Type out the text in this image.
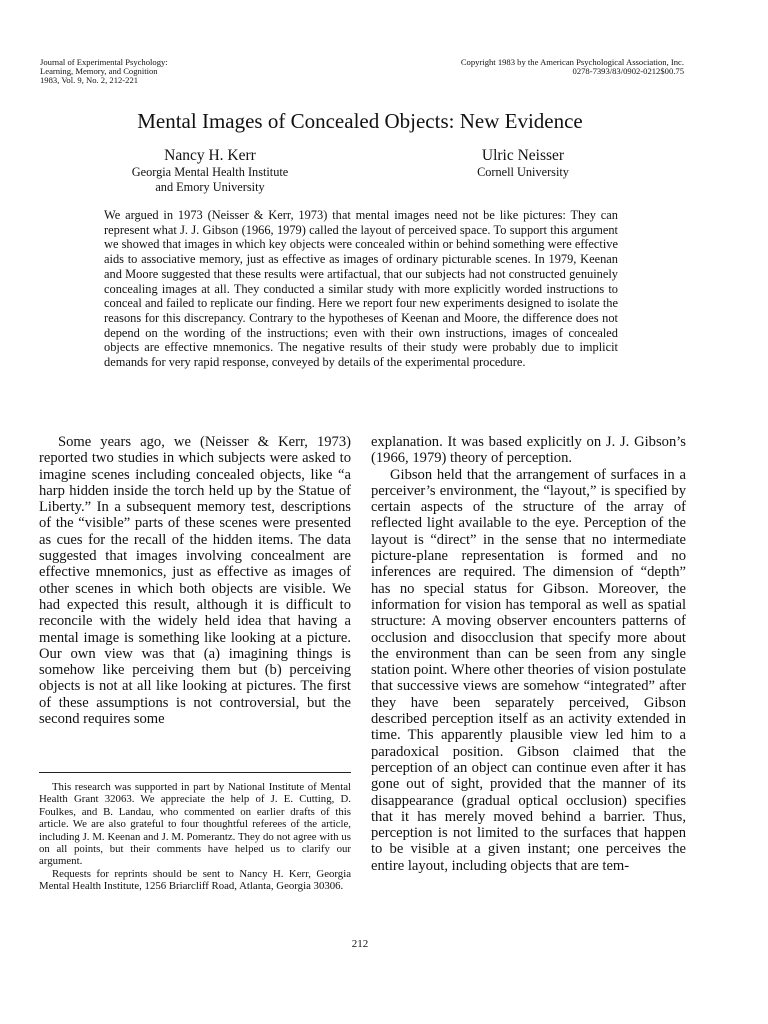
Journal of Experimental Psychology:
Learning, Memory, and Cognition
1983, Vol. 9, No. 2, 212-221
Copyright 1983 by the American Psychological Association, Inc.
0278-7393/83/0902-0212$00.75
Mental Images of Concealed Objects: New Evidence
Nancy H. Kerr
Georgia Mental Health Institute
and Emory University
Ulric Neisser
Cornell University
We argued in 1973 (Neisser & Kerr, 1973) that mental images need not be like pictures: They can represent what J. J. Gibson (1966, 1979) called the layout of perceived space. To support this argument we showed that images in which key objects were concealed within or behind something were effective aids to associative memory, just as effective as images of ordinary picturable scenes. In 1979, Keenan and Moore suggested that these results were artifactual, that our subjects had not constructed genuinely concealing images at all. They conducted a similar study with more explicitly worded instructions to conceal and failed to replicate our finding. Here we report four new experiments designed to isolate the reasons for this discrepancy. Contrary to the hypotheses of Keenan and Moore, the difference does not depend on the wording of the instructions; even with their own instructions, images of concealed objects are effective mnemonics. The negative results of their study were probably due to implicit demands for very rapid response, conveyed by details of the experimental procedure.

Some years ago, we (Neisser & Kerr, 1973) reported two studies in which subjects were asked to imagine scenes including concealed objects, like “a harp hidden inside the torch held up by the Statue of Liberty.” In a subsequent memory test, descriptions of the “visible” parts of these scenes were presented as cues for the recall of the hidden items. The data suggested that images involving concealment are effective mnemonics, just as effective as images of other scenes in which both objects are visible. We had expected this result, although it is difficult to reconcile with the widely held idea that having a mental image is something like looking at a picture. Our own view was that (a) imagining things is somehow like perceiving them but (b) perceiving objects is not at all like looking at pictures. The first of these assumptions is not controversial, but the second requires some

explanation. It was based explicitly on J. J. Gibson’s (1966, 1979) theory of perception.

Gibson held that the arrangement of surfaces in a perceiver’s environment, the “layout,” is specified by certain aspects of the structure of the array of reflected light available to the eye. Perception of the layout is “direct” in the sense that no intermediate picture-plane representation is formed and no inferences are required. The dimension of “depth” has no special status for Gibson. Moreover, the information for vision has temporal as well as spatial structure: A moving observer encounters patterns of occlusion and disocclusion that specify more about the environment than can be seen from any single station point. Where other theories of vision postulate that successive views are somehow “integrated” after they have been separately perceived, Gibson described perception itself as an activity extended in time. This apparently plausible view led him to a paradoxical position. Gibson claimed that the perception of an object can continue even after it has gone out of sight, provided that the manner of its disappearance (gradual optical occlusion) specifies that it has merely moved behind a barrier. Thus, perception is not limited to the surfaces that happen to be visible at a given instant; one perceives the entire layout, including objects that are tem-

This research was supported in part by National Institute of Mental Health Grant 32063. We appreciate the help of J. E. Cutting, D. Foulkes, and B. Landau, who commented on earlier drafts of this article. We are also grateful to four thoughtful referees of the article, including J. M. Keenan and J. M. Pomerantz. They do not agree with us on all points, but their comments have helped us to clarify our argument.

Requests for reprints should be sent to Nancy H. Kerr, Georgia Mental Health Institute, 1256 Briarcliff Road, Atlanta, Georgia 30306.

212
